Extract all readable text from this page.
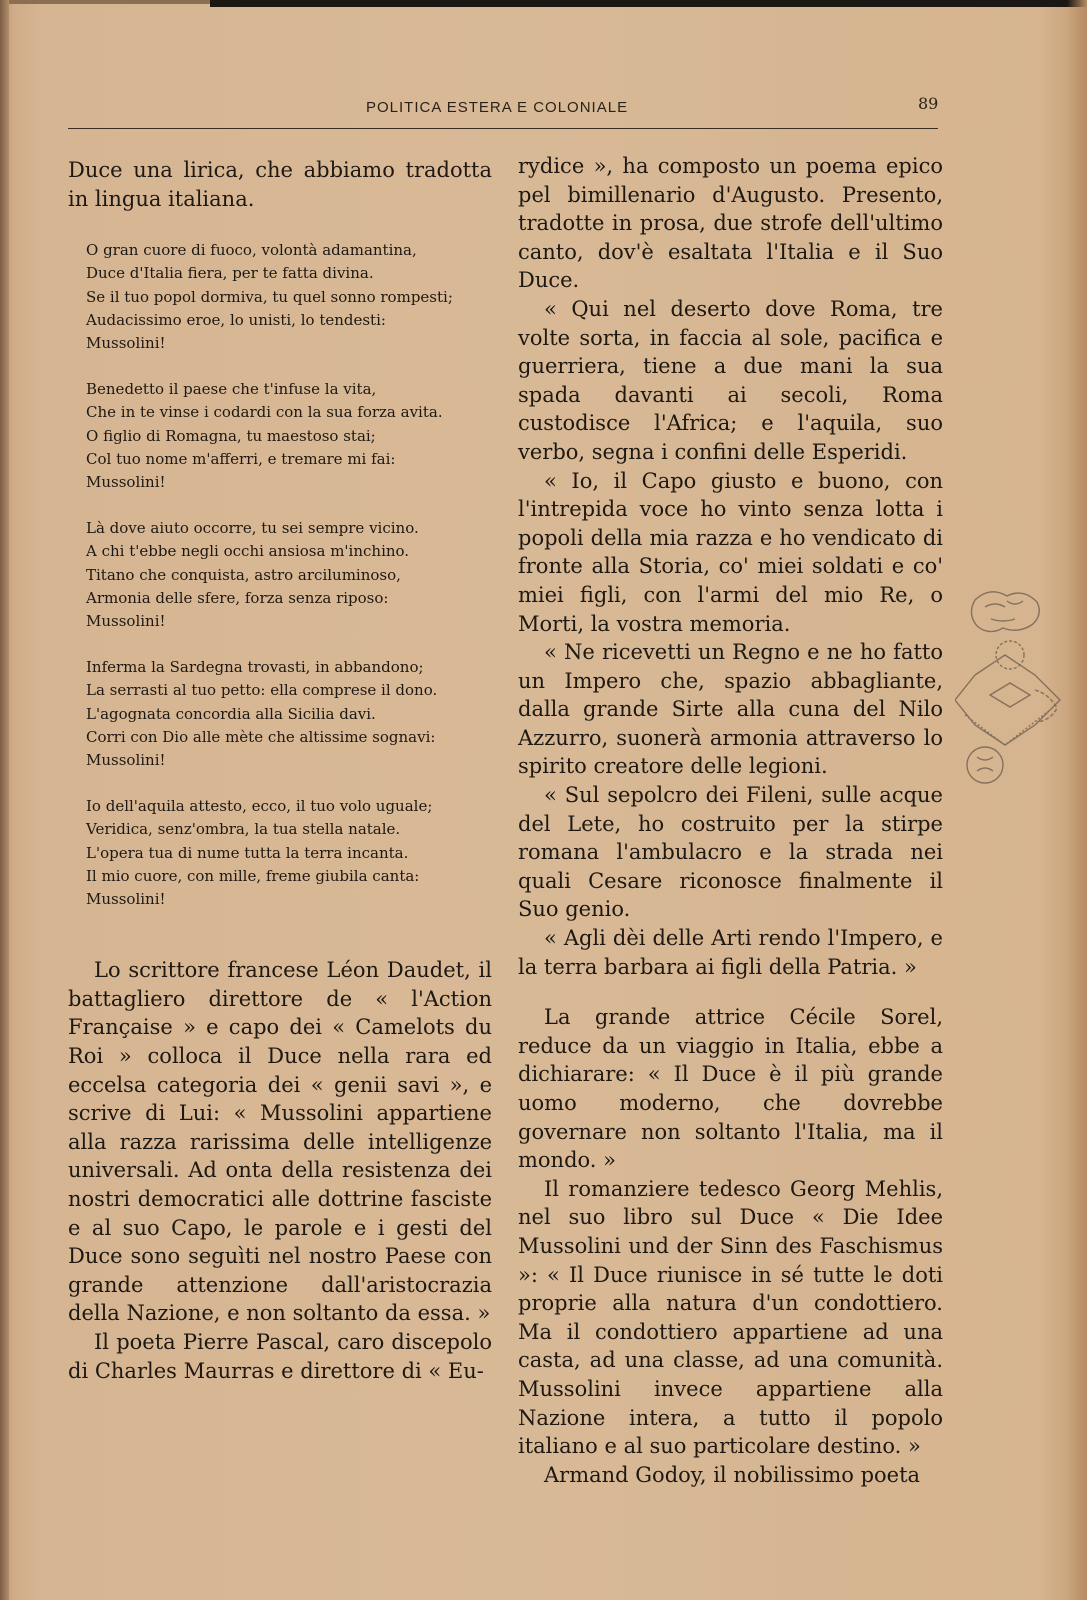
POLITICA ESTERA E COLONIALE	89

Duce una lirica, che abbiamo tradotta in lingua italiana.

O gran cuore di fuoco, volontà adamantina,
Duce d'Italia fiera, per te fatta divina.
Se il tuo popol dormiva, tu quel sonno rompesti;
Audacissimo eroe, lo unisti, lo tendesti:
Mussolini!
Benedetto il paese che t'infuse la vita,
Che in te vinse i codardi con la sua forza avita.
O figlio di Romagna, tu maestoso stai;
Col tuo nome m'afferri, e tremare mi fai:
Mussolini!
Là dove aiuto occorre, tu sei sempre vicino.
A chi t'ebbe negli occhi ansiosa m'inchino.
Titano che conquista, astro arciluminoso,
Armonia delle sfere, forza senza riposo:
Mussolini!
Inferma la Sardegna trovasti, in abbandono;
La serrasti al tuo petto: ella comprese il dono.
L'agognata concordia alla Sicilia davi.
Corri con Dio alle mète che altissime sognavi:
Mussolini!
Io dell'aquila attesto, ecco, il tuo volo uguale;
Veridica, senz'ombra, la tua stella natale.
L'opera tua di nume tutta la terra incanta.
Il mio cuore, con mille, freme giubila canta:
Mussolini!

Lo scrittore francese Léon Daudet, il battagliero direttore de « l'Action Française » e capo dei « Camelots du Roi » colloca il Duce nella rara ed eccelsa categoria dei « genii savi », e scrive di Lui: « Mussolini appartiene alla razza rarissima delle intelligenze universali. Ad onta della resistenza dei nostri democratici alle dottrine fasciste e al suo Capo, le parole e i gesti del Duce sono seguìti nel nostro Paese con grande attenzione dall'aristocrazia della Nazione, e non soltanto da essa. »

Il poeta Pierre Pascal, caro discepolo di Charles Maurras e direttore di « Eu-

rydice », ha composto un poema epico pel bimillenario d'Augusto. Presento, tradotte in prosa, due strofe dell'ultimo canto, dov'è esaltata l'Italia e il Suo Duce.

« Qui nel deserto dove Roma, tre volte sorta, in faccia al sole, pacifica e guerriera, tiene a due mani la sua spada davanti ai secoli, Roma custodisce l'Africa; e l'aquila, suo verbo, segna i confini delle Esperidi.

« Io, il Capo giusto e buono, con l'intrepida voce ho vinto senza lotta i popoli della mia razza e ho vendicato di fronte alla Storia, co' miei soldati e co' miei figli, con l'armi del mio Re, o Morti, la vostra memoria.

« Ne ricevetti un Regno e ne ho fatto un Impero che, spazio abbagliante, dalla grande Sirte alla cuna del Nilo Azzurro, suonerà armonia attraverso lo spirito creatore delle legioni.

« Sul sepolcro dei Fileni, sulle acque del Lete, ho costruito per la stirpe romana l'ambulacro e la strada nei quali Cesare riconosce finalmente il Suo genio.

« Agli dèi delle Arti rendo l'Impero, e la terra barbara ai figli della Patria. »

La grande attrice Cécile Sorel, reduce da un viaggio in Italia, ebbe a dichiarare: « Il Duce è il più grande uomo moderno, che dovrebbe governare non soltanto l'Italia, ma il mondo. »

Il romanziere tedesco Georg Mehlis, nel suo libro sul Duce « Die Idee Mussolini und der Sinn des Faschismus »: « Il Duce riunisce in sé tutte le doti proprie alla natura d'un condottiero. Ma il condottiero appartiene ad una casta, ad una classe, ad una comunità. Mussolini invece appartiene alla Nazione intera, a tutto il popolo italiano e al suo particolare destino. »

Armand Godoy, il nobilissimo poeta
